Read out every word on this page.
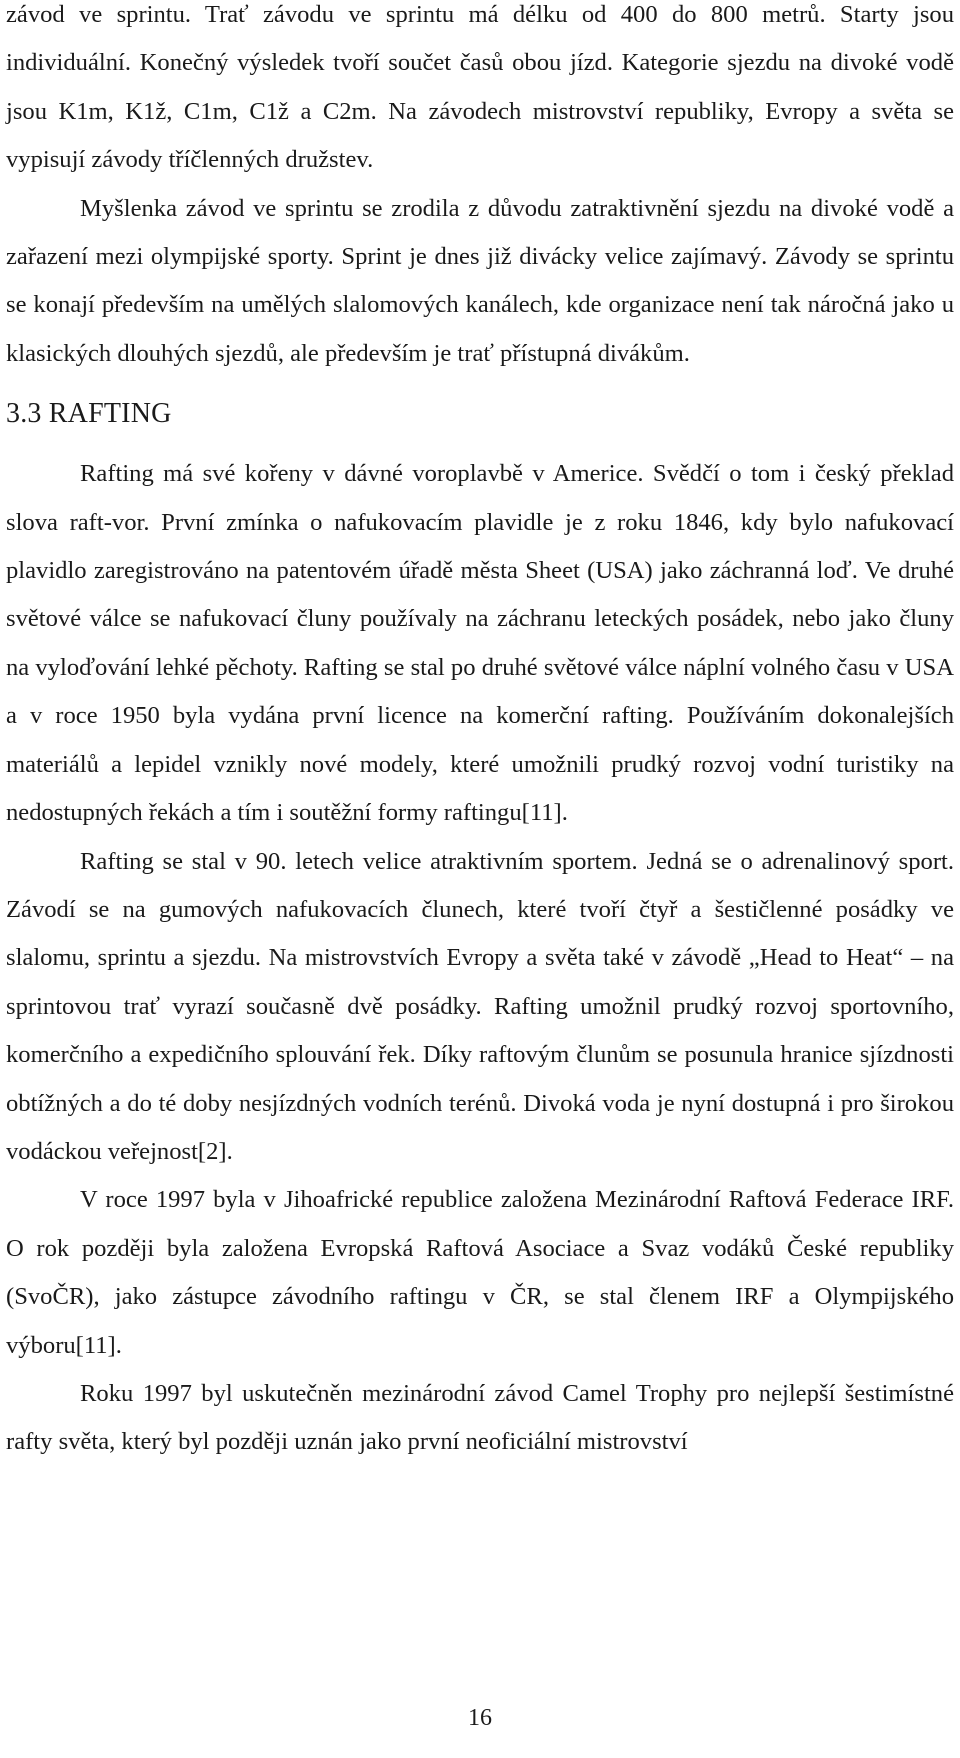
závod ve sprintu. Trať závodu ve sprintu má délku od 400 do 800 metrů. Starty jsou individuální. Konečný výsledek tvoří součet časů obou jízd. Kategorie sjezdu na divoké vodě jsou K1m, K1ž, C1m, C1ž a C2m. Na závodech mistrovství republiky, Evropy a světa se vypisují závody tříčlenných družstev.

Myšlenka závod ve sprintu se zrodila z důvodu zatraktivnění sjezdu na divoké vodě a zařazení mezi olympijské sporty. Sprint je dnes již divácky velice zajímavý. Závody se sprintu se konají především na umělých slalomových kanálech, kde organizace není tak náročná jako u klasických dlouhých sjezdů, ale především je trať přístupná divákům.

3.3 RAFTING

Rafting má své kořeny v dávné voroplavbě v Americe. Svědčí o tom i český překlad slova raft-vor. První zmínka o nafukovacím plavidle je z roku 1846, kdy bylo nafukovací plavidlo zaregistrováno na patentovém úřadě města Sheet (USA) jako záchranná loď. Ve druhé světové válce se nafukovací čluny používaly na záchranu leteckých posádek, nebo jako čluny na vyloďování lehké pěchoty. Rafting se stal po druhé světové válce náplní volného času v USA a v roce 1950 byla vydána první licence na komerční rafting. Používáním dokonalejších materiálů a lepidel vznikly nové modely, které umožnili prudký rozvoj vodní turistiky na nedostupných řekách a tím i soutěžní formy raftingu[11].

Rafting se stal v 90. letech velice atraktivním sportem. Jedná se o adrenalinový sport. Závodí se na gumových nafukovacích člunech, které tvoří čtyř a šestičlenné posádky ve slalomu, sprintu a sjezdu. Na mistrovstvích Evropy a světa také v závodě „Head to Heat“ – na sprintovou trať vyrazí současně dvě posádky. Rafting umožnil prudký rozvoj sportovního, komerčního a expedičního splouvání řek. Díky raftovým člunům se posunula hranice sjízdnosti obtížných a do té doby nesjízdných vodních terénů. Divoká voda je nyní dostupná i pro širokou vodáckou veřejnost[2].

V roce 1997 byla v Jihoafrické republice založena Mezinárodní Raftová Federace IRF. O rok později byla založena Evropská Raftová Asociace a Svaz vodáků České republiky (SvoČR), jako zástupce závodního raftingu v ČR, se stal členem IRF a Olympijského výboru[11].

Roku 1997 byl uskutečněn mezinárodní závod Camel Trophy pro nejlepší šestimístné rafty světa, který byl později uznán jako první neoficiální mistrovství

16
